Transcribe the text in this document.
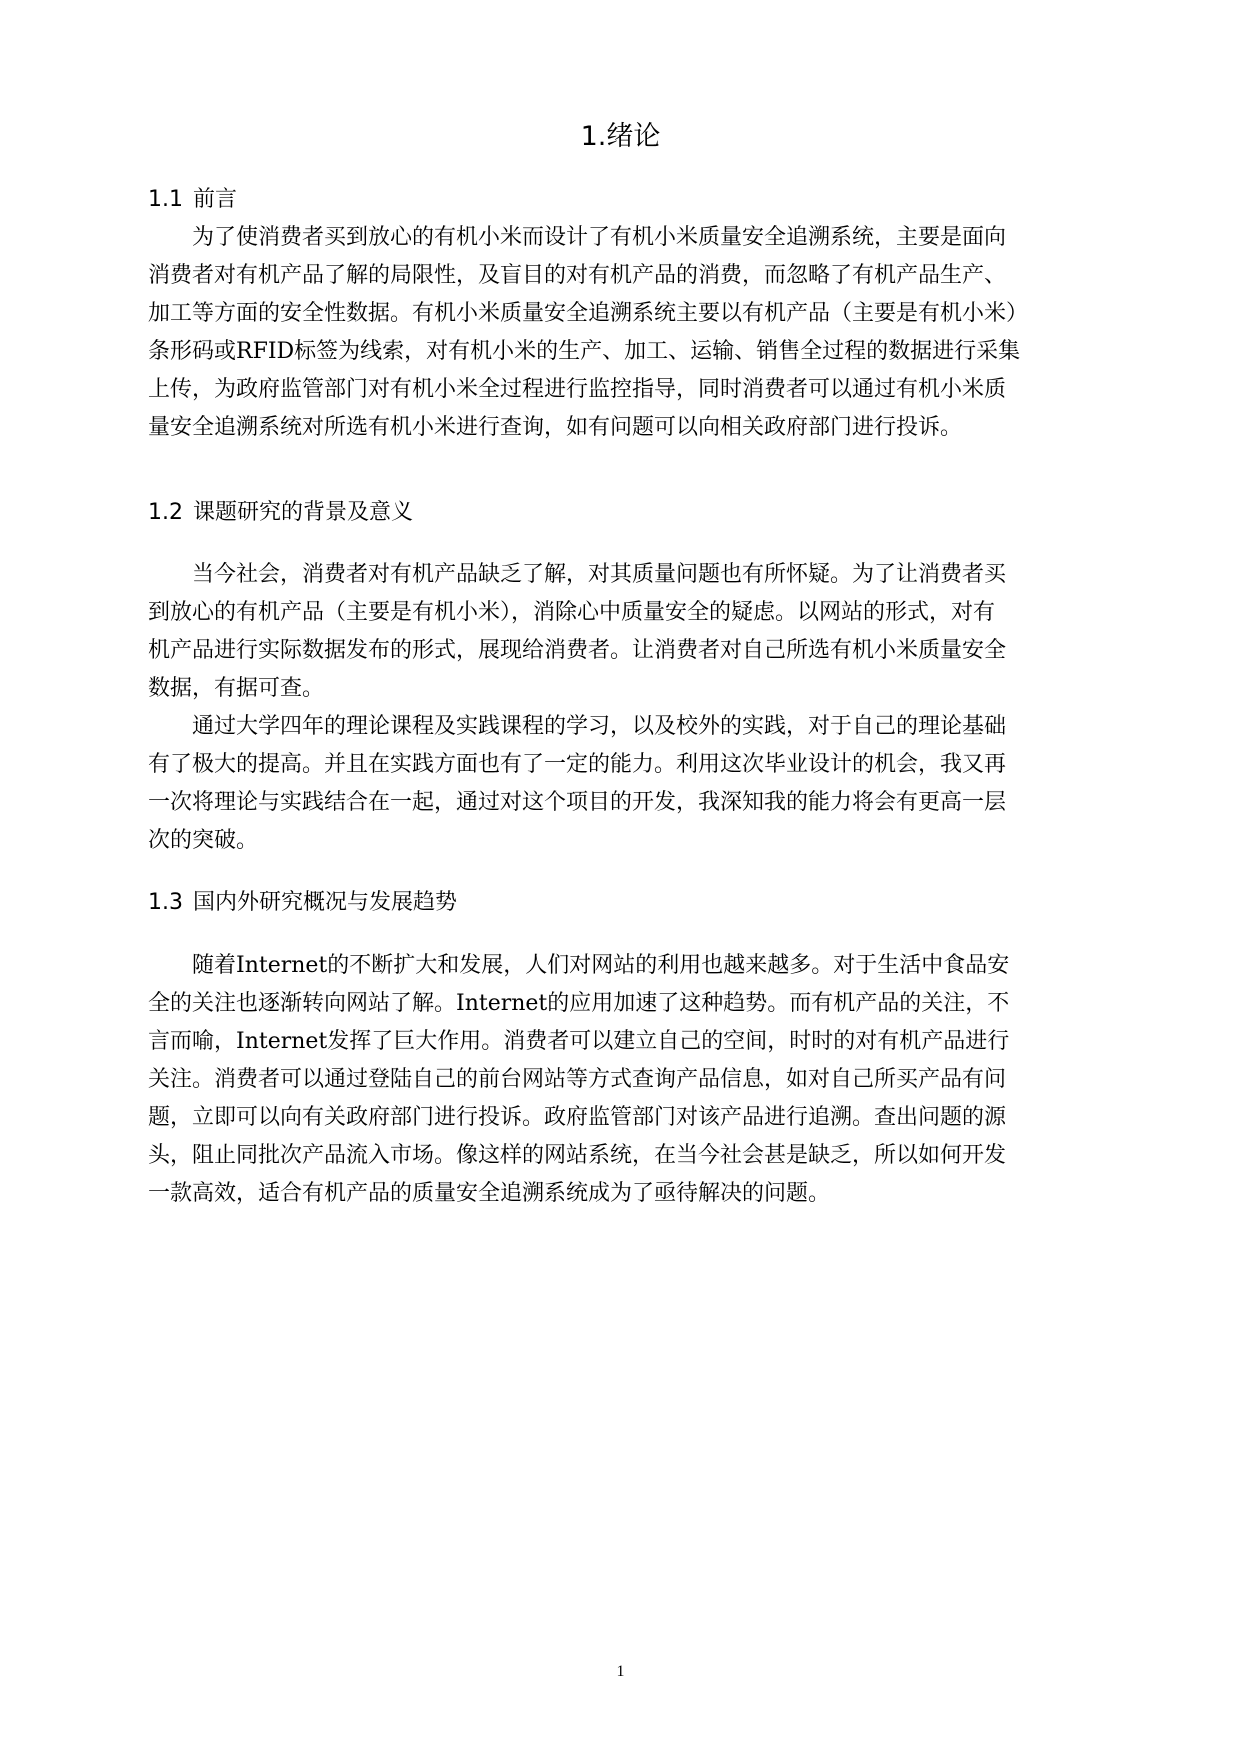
1.绪论
1.1 前言
为了使消费者买到放心的有机小米而设计了有机小米质量安全追溯系统，主要是面向
消费者对有机产品了解的局限性，及盲目的对有机产品的消费，而忽略了有机产品生产、
加工等方面的安全性数据。有机小米质量安全追溯系统主要以有机产品（主要是有机小米）
条形码或RFID标签为线索，对有机小米的生产、加工、运输、销售全过程的数据进行采集
上传，为政府监管部门对有机小米全过程进行监控指导，同时消费者可以通过有机小米质
量安全追溯系统对所选有机小米进行查询，如有问题可以向相关政府部门进行投诉。
1.2 课题研究的背景及意义
当今社会，消费者对有机产品缺乏了解，对其质量问题也有所怀疑。为了让消费者买
到放心的有机产品（主要是有机小米），消除心中质量安全的疑虑。以网站的形式，对有
机产品进行实际数据发布的形式，展现给消费者。让消费者对自己所选有机小米质量安全
数据，有据可查。
通过大学四年的理论课程及实践课程的学习，以及校外的实践，对于自己的理论基础
有了极大的提高。并且在实践方面也有了一定的能力。利用这次毕业设计的机会，我又再
一次将理论与实践结合在一起，通过对这个项目的开发，我深知我的能力将会有更高一层
次的突破。
1.3 国内外研究概况与发展趋势
随着Internet的不断扩大和发展，人们对网站的利用也越来越多。对于生活中食品安
全的关注也逐渐转向网站了解。Internet的应用加速了这种趋势。而有机产品的关注，不
言而喻，Internet发挥了巨大作用。消费者可以建立自己的空间，时时的对有机产品进行
关注。消费者可以通过登陆自己的前台网站等方式查询产品信息，如对自己所买产品有问
题，立即可以向有关政府部门进行投诉。政府监管部门对该产品进行追溯。查出问题的源
头，阻止同批次产品流入市场。像这样的网站系统，在当今社会甚是缺乏，所以如何开发
一款高效，适合有机产品的质量安全追溯系统成为了亟待解决的问题。
1
